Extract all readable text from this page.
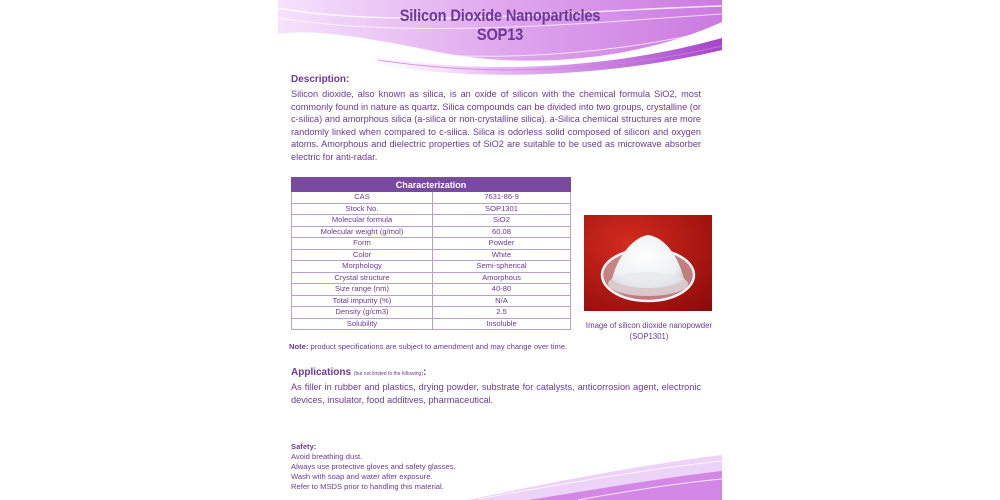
Silicon Dioxide Nanoparticles
SOP13
Description:
Silicon dioxide, also known as silica, is an oxide of silicon with the chemical formula SiO2, most commonly found in nature as quartz. Silica compounds can be divided into two groups, crystalline (or c-silica) and amorphous silica (a-silica or non-crystalline silica). a-Silica chemical structures are more randomly linked when compared to c-silica. Silica is odorless solid composed of silicon and oxygen atoms. Amorphous and dielectric properties of SiO2 are suitable to be used as microwave absorber electric for anti-radar.
Characterization	
CAS	7631-86-9
Stock No.	SOP1301
Molecular formula	SiO2
Molecular weight (g/mol)	60.08
Form	Powder
Color	White
Morphology	Semi-spherical
Crystal structure	Amorphous
Size range (nm)	40-80
Total impurity (%)	N/A
Density (g/cm3)	2.5
Solubility	Insoluble	Image of silicon dioxide nanopowder (SOP1301)
Note: product specifications are subject to amendment and may change over time.
Applications (but not limited to the following):
As filler in rubber and plastics, drying powder, substrate for catalysts, anticorrosion agent, electronic devices, insulator, food additives, pharmaceutical.
Safety:
Avoid breathing dust.
Always use protective gloves and safety glasses.
Wash with soap and water after exposure.
Refer to MSDS prior to handling this material.
